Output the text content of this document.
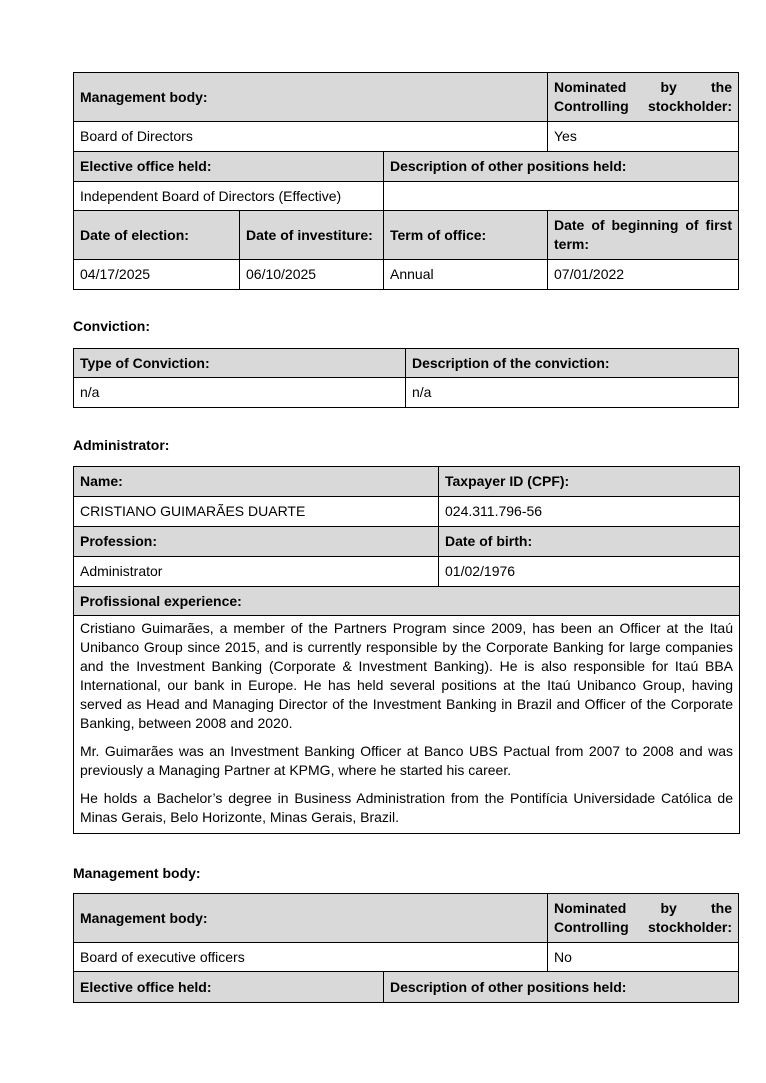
Management body:			Nominated by the Controlling stockholder:
Board of Directors			Yes
Elective office held:		Description of other positions held:	
Independent Board of Directors (Effective)			
Date of election:	Date of investiture:	Term of office:	Date of beginning of first term:
04/17/2025	06/10/2025	Annual	07/01/2022
Conviction:
Type of Conviction:	Description of the conviction:
n/a	n/a
Administrator:
Name:	Taxpayer ID (CPF):
CRISTIANO GUIMARÃES DUARTE	024.311.796-56
Profession:	Date of birth:
Administrator	01/02/1976
Profissional experience:	

Cristiano Guimarães, a member of the Partners Program since 2009, has been an Officer at the Itaú Unibanco Group since 2015, and is currently responsible by the Corporate Banking for large companies and the Investment Banking (Corporate & Investment Banking). He is also responsible for Itaú BBA International, our bank in Europe. He has held several positions at the Itaú Unibanco Group, having served as Head and Managing Director of the Investment Banking in Brazil and Officer of the Corporate Banking, between 2008 and 2020.

Mr. Guimarães was an Investment Banking Officer at Banco UBS Pactual from 2007 to 2008 and was previously a Managing Partner at KPMG, where he started his career.

He holds a Bachelor’s degree in Business Administration from the Pontifícia Universidade Católica de Minas Gerais, Belo Horizonte, Minas Gerais, Brazil.	

Management body:
Management body:		Nominated by the Controlling stockholder:
Board of executive officers		No
Elective office held:	Description of other positions held:	
